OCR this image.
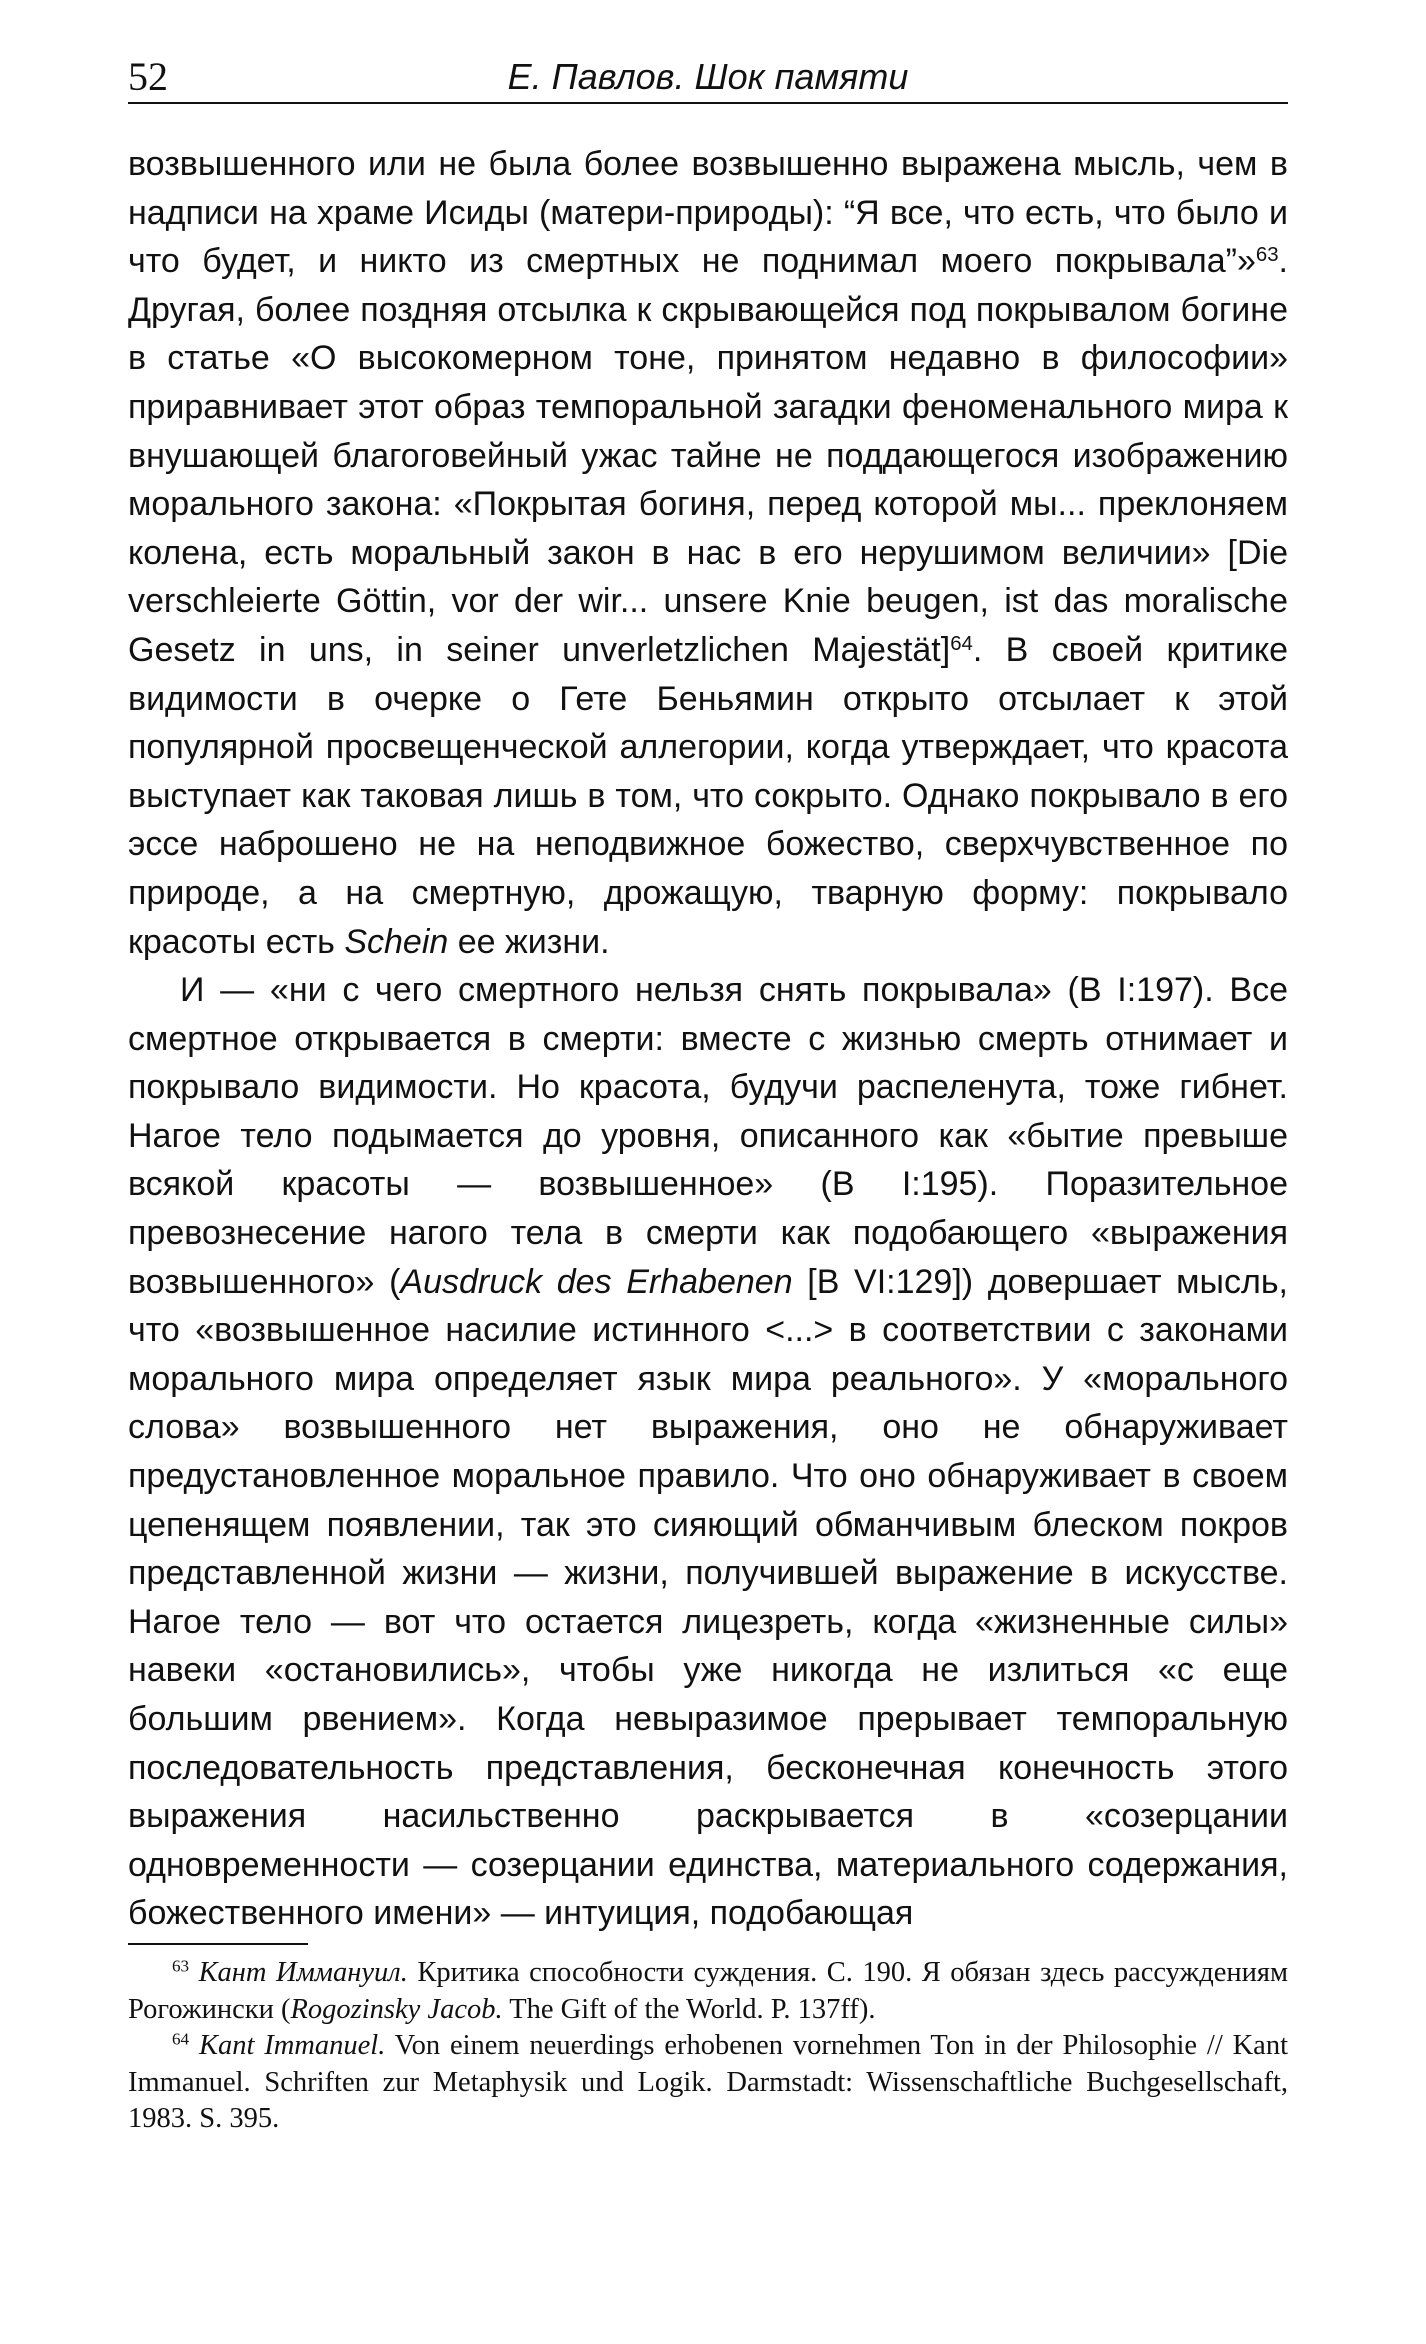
52	Е. Павлов. Шок памяти

возвышенного или не была более возвышенно выражена мысль, чем в надписи на храме Исиды (матери-природы): “Я все, что есть, что было и что будет, и никто из смертных не поднимал моего покрывала”»$^{63}$. Другая, более поздняя отсылка к скрывающейся под покрывалом богине в статье «О высокомерном тоне, принятом недавно в философии» приравнивает этот образ темпоральной загадки феноменального мира к внушающей благоговейный ужас тайне не поддающегося изображению морального закона: «Покрытая богиня, перед которой мы... преклоняем колена, есть моральный закон в нас в его нерушимом величии» [Die verschleierte Göttin, vor der wir... unsere Knie beugen, ist das moralische Gesetz in uns, in seiner unverletzlichen Majestät]$^{64}$. В своей критике видимости в очерке о Гете Беньямин открыто отсылает к этой популярной просвещенческой аллегории, когда утверждает, что красота выступает как таковая лишь в том, что сокрыто. Однако покрывало в его эссе наброшено не на неподвижное божество, сверхчувственное по природе, а на смертную, дрожащую, тварную форму: покрывало красоты есть Schein ее жизни.

И — «ни с чего смертного нельзя снять покрывала» (В I:197). Все смертное открывается в смерти: вместе с жизнью смерть отнимает и покрывало видимости. Но красота, будучи распеленута, тоже гибнет. Нагое тело подымается до уровня, описанного как «бытие превыше всякой красоты — возвышенное» (В I:195). Поразительное превознесение нагого тела в смерти как подобающего «выражения возвышенного» (Ausdruck des Erhabenen [B VI:129]) довершает мысль, что «возвышенное насилие истинного <...> в соответствии с законами морального мира определяет язык мира реального». У «морального слова» возвышенного нет выражения, оно не обнаруживает предустановленное моральное правило. Что оно обнаруживает в своем цепенящем появлении, так это сияющий обманчивым блеском покров представленной жизни — жизни, получившей выражение в искусстве. Нагое тело — вот что остается лицезреть, когда «жизненные силы» навеки «остановились», чтобы уже никогда не излиться «с еще большим рвением». Когда невыразимое прерывает темпоральную последовательность представления, бесконечная конечность этого выражения насильственно раскрывается в «созерцании одновременности — созерцании единства, материального содержания, божественного имени» — интуиция, подобающая

$^{63}$ Кант Иммануил. Критика способности суждения. С. 190. Я обязан здесь рассуждениям Рогожински (Rogozinsky Jacob. The Gift of the World. P. 137ff).

$^{64}$ Kant Immanuel. Von einem neuerdings erhobenen vornehmen Ton in der Philosophie // Kant Immanuel. Schriften zur Metaphysik und Logik. Darmstadt: Wissenschaftliche Buchgesellschaft, 1983. S. 395.
